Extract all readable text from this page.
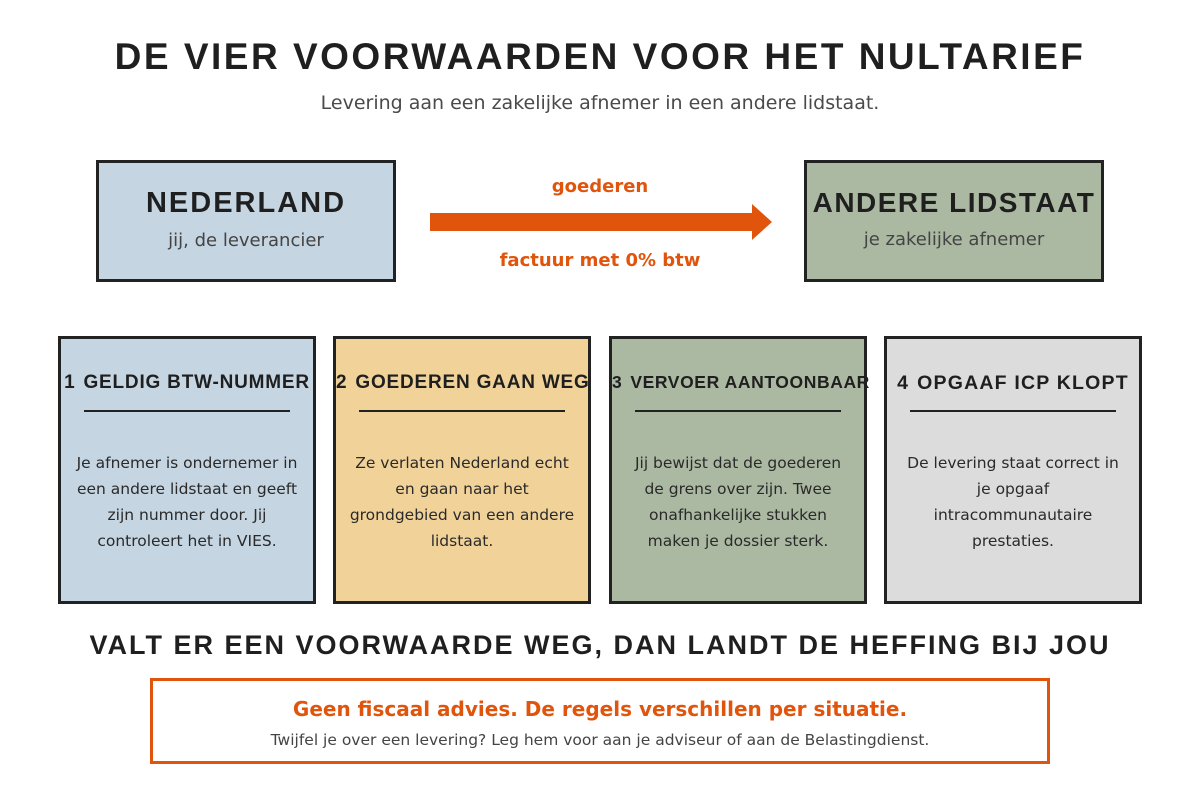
DE VIER VOORWAARDEN VOOR HET NULTARIEF
Levering aan een zakelijke afnemer in een andere lidstaat.
NEDERLAND
jij, de leverancier
goederen
factuur met 0% btw
ANDERE LIDSTAAT
je zakelijke afnemer
1 GELDIG BTW-NUMMER
Je afnemer is ondernemer in een andere lidstaat en geeft zijn nummer door. Jij controleert het in VIES.
2 GOEDEREN GAAN WEG
Ze verlaten Nederland echt en gaan naar het grondgebied van een andere lidstaat.
3 VERVOER AANTOONBAAR
Jij bewijst dat de goederen de grens over zijn. Twee onafhankelijke stukken maken je dossier sterk.
4 OPGAAF ICP KLOPT
De levering staat correct in je opgaaf intracommunautaire prestaties.
VALT ER EEN VOORWAARDE WEG, DAN LANDT DE HEFFING BIJ JOU
Geen fiscaal advies. De regels verschillen per situatie.
Twijfel je over een levering? Leg hem voor aan je adviseur of aan de Belastingdienst.
